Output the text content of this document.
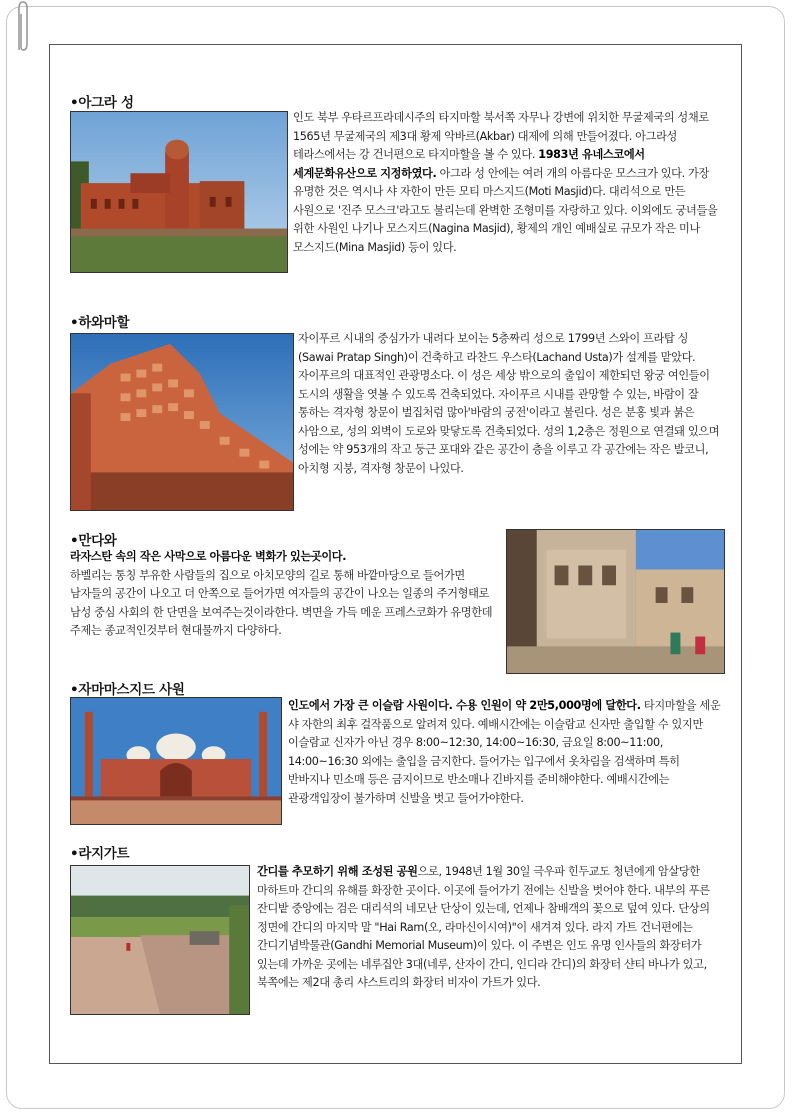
•아그라 성
인도 북부 우타르프라데시주의 타지마할 북서쪽 자무나 강변에 위치한 무굴제국의 성채로 1565년 무굴제국의 제3대 황제 악바르(Akbar) 대제에 의해 만들어졌다. 아그라성 테라스에서는 강 건너편으로 타지마할을 볼 수 있다. 1983년 유네스코에서 세계문화유산으로 지정하였다. 아그라 성 안에는 여러 개의 아름다운 모스크가 있다. 가장 유명한 것은 역시나 샤 자한이 만든 모티 마스지드(Moti Masjid)다. 대리석으로 만든 사원으로 '진주 모스크'라고도 불리는데 완벽한 조형미를 자랑하고 있다. 이외에도 궁녀들을 위한 사원인 나기나 모스지드(Nagina Masjid), 황제의 개인 예배실로 규모가 작은 미나 모스지드(Mina Masjid) 등이 있다.
•하와마할
자이푸르 시내의 중심가가 내려다 보이는 5층짜리 성으로 1799년 스와이 프라탑 싱(Sawai Pratap Singh)이 건축하고 라찬드 우스타(Lachand Usta)가 설계를 맡았다. 자이푸르의 대표적인 관광명소다. 이 성은 세상 밖으로의 출입이 제한되던 왕궁 여인들이 도시의 생활을 엿볼 수 있도록 건축되었다. 자이푸르 시내를 관망할 수 있는, 바람이 잘 통하는 격자형 창문이 벌집처럼 많아'바람의 궁전'이라고 불린다. 성은 분홍 빛과 붉은 사암으로, 성의 외벽이 도로와 맞닿도록 건축되었다. 성의 1,2층은 정원으로 연결돼 있으며 성에는 약 953개의 작고 둥근 포대와 같은 공간이 층을 이루고 각 공간에는 작은 발코니, 아치형 지붕, 격자형 창문이 나있다.
•만다와
라자스탄 속의 작은 사막으로 아름다운 벽화가 있는곳이다.
하벨리는 통칭 부유한 사람들의 집으로 아치모양의 길로 통해 바깥마당으로 들어가면 남자들의 공간이 나오고 더 안쪽으로 들어가면 여자들의 공간이 나오는 일종의 주거형태로 남성 중심 사회의 한 단면을 보여주는것이라한다. 벽면을 가득 메운 프레스코화가 유명한데 주제는 종교적인것부터 현대물까지 다양하다.
•자마마스지드 사원
인도에서 가장 큰 이슬람 사원이다. 수용 인원이 약 2만5,000명에 달한다. 타지마할을 세운 샤 자한의 최후 걸작품으로 알려져 있다. 예배시간에는 이슬람교 신자만 출입할 수 있지만 이슬람교 신자가 아닌 경우 8:00~12:30, 14:00~16:30, 금요일 8:00~11:00, 14:00~16:30 외에는 출입을 금지한다. 들어가는 입구에서 옷차림을 검색하며 특히 반바지나 민소매 등은 금지이므로 반소매나 긴바지를 준비해야한다. 예배시간에는 관광객입장이 불가하며 신발을 벗고 들어가야한다.
•라지가트
간디를 추모하기 위해 조성된 공원으로, 1948년 1월 30일 극우파 힌두교도 청년에게 암살당한 마하트마 간디의 유해를 화장한 곳이다. 이곳에 들어가기 전에는 신발을 벗어야 한다. 내부의 푸른 잔디밭 중앙에는 검은 대리석의 네모난 단상이 있는데, 언제나 참배객의 꽃으로 덮여 있다. 단상의 정면에 간디의 마지막 말 "Hai Ram(오, 라마신이시여)"이 새겨져 있다. 라지 가트 건너편에는 간디기념박물관(Gandhi Memorial Museum)이 있다. 이 주변은 인도 유명 인사들의 화장터가 있는데 가까운 곳에는 네루집안 3대(네루, 산자이 간디, 인디라 간디)의 화장터 샨티 바나가 있고, 북쪽에는 제2대 총리 샤스트리의 화장터 비자이 가트가 있다.
